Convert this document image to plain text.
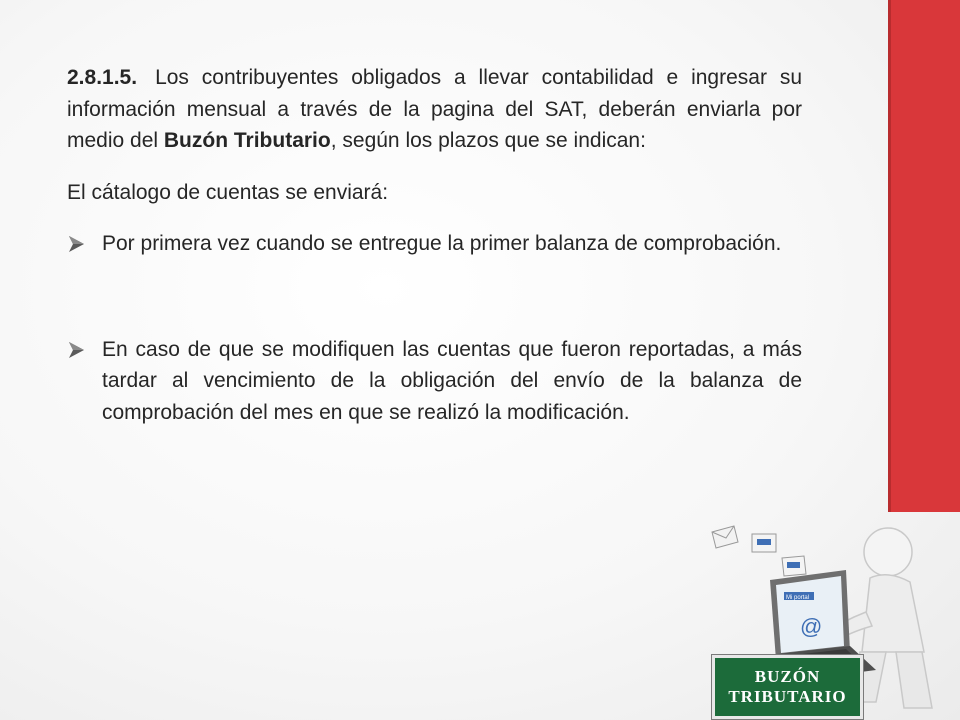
2.8.1.5. Los contribuyentes obligados a llevar contabilidad e ingresar su información mensual a través de la pagina del SAT, deberán enviarla por medio del Buzón Tributario, según los plazos que se indican:

El cátalogo de cuentas se enviará:

Por primera vez cuando se entregue la primer balanza de comprobación.
En caso de que se modifiquen las cuentas que fueron reportadas, a más tardar al vencimiento de la obligación del envío de la balanza de comprobación del mes en que se realizó la modificación.
Mi portal
@
BUZÓN
TRIBUTARIO
